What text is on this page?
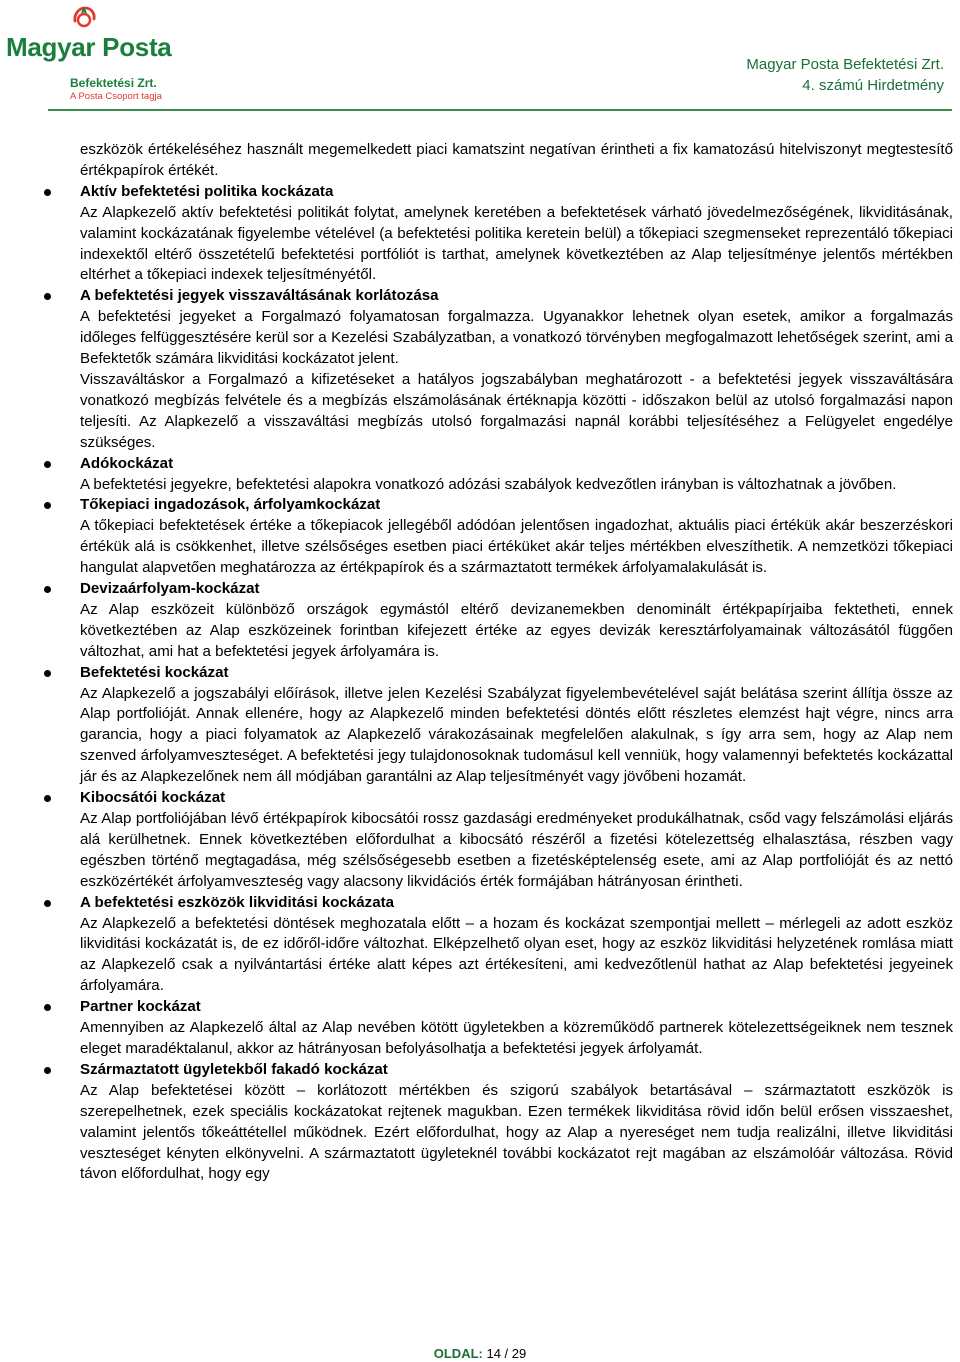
Magyar Posta
Befektetési Zrt.
A Posta Csoport tagja
Magyar Posta Befektetési Zrt.
4. számú Hirdetmény

eszközök értékeléséhez használt megemelkedett piaci kamatszint negatívan érintheti a fix kamatozású hitelviszonyt megtestesítő értékpapírok értékét.

Aktív befektetési politika kockázata

Az Alapkezelő aktív befektetési politikát folytat, amelynek keretében a befektetések várható jövedelmezőségének, likviditásának, valamint kockázatának figyelembe vételével (a befektetési politika keretein belül) a tőkepiaci szegmenseket reprezentáló tőkepiaci indexektől eltérő összetételű befektetési portfóliót is tarthat, amelynek következtében az Alap teljesítménye jelentős mértékben eltérhet a tőkepiaci indexek teljesítményétől.

A befektetési jegyek visszaváltásának korlátozása

A befektetési jegyeket a Forgalmazó folyamatosan forgalmazza. Ugyanakkor lehetnek olyan esetek, amikor a forgalmazás időleges felfüggesztésére kerül sor a Kezelési Szabályzatban, a vonatkozó törvényben megfogalmazott lehetőségek szerint, ami a Befektetők számára likviditási kockázatot jelent.

Visszaváltáskor a Forgalmazó a kifizetéseket a hatályos jogszabályban meghatározott - a befektetési jegyek visszaváltására vonatkozó megbízás felvétele és a megbízás elszámolásának értéknapja közötti - időszakon belül az utolsó forgalmazási napon teljesíti. Az Alapkezelő a visszaváltási megbízás utolsó forgalmazási napnál korábbi teljesítéséhez a Felügyelet engedélye szükséges.

Adókockázat

A befektetési jegyekre, befektetési alapokra vonatkozó adózási szabályok kedvezőtlen irányban is változhatnak a jövőben.

Tőkepiaci ingadozások, árfolyamkockázat

A tőkepiaci befektetések értéke a tőkepiacok jellegéből adódóan jelentősen ingadozhat, aktuális piaci értékük akár beszerzéskori értékük alá is csökkenhet, illetve szélsőséges esetben piaci értéküket akár teljes mértékben elveszíthetik. A nemzetközi tőkepiaci hangulat alapvetően meghatározza az értékpapírok és a származtatott termékek árfolyamalakulását is.

Devizaárfolyam-kockázat

Az Alap eszközeit különböző országok egymástól eltérő devizanemekben denominált értékpapírjaiba fektetheti, ennek következtében az Alap eszközeinek forintban kifejezett értéke az egyes devizák keresztárfolyamainak változásától függően változhat, ami hat a befektetési jegyek árfolyamára is.

Befektetési kockázat

Az Alapkezelő a jogszabályi előírások, illetve jelen Kezelési Szabályzat figyelembevételével saját belátása szerint állítja össze az Alap portfolióját. Annak ellenére, hogy az Alapkezelő minden befektetési döntés előtt részletes elemzést hajt végre, nincs arra garancia, hogy a piaci folyamatok az Alapkezelő várakozásainak megfelelően alakulnak, s így arra sem, hogy az Alap nem szenved árfolyamveszteséget. A befektetési jegy tulajdonosoknak tudomásul kell venniük, hogy valamennyi befektetés kockázattal jár és az Alapkezelőnek nem áll módjában garantálni az Alap teljesítményét vagy jövőbeni hozamát.

Kibocsátói kockázat

Az Alap portfoliójában lévő értékpapírok kibocsátói rossz gazdasági eredményeket produkálhatnak, csőd vagy felszámolási eljárás alá kerülhetnek. Ennek következtében előfordulhat a kibocsátó részéről a fizetési kötelezettség elhalasztása, részben vagy egészben történő megtagadása, még szélsőségesebb esetben a fizetésképtelenség esete, ami az Alap portfolióját és az nettó eszközértékét árfolyamveszteség vagy alacsony likvidációs érték formájában hátrányosan érintheti.

A befektetési eszközök likviditási kockázata

Az Alapkezelő a befektetési döntések meghozatala előtt – a hozam és kockázat szempontjai mellett – mérlegeli az adott eszköz likviditási kockázatát is, de ez időről-időre változhat. Elképzelhető olyan eset, hogy az eszköz likviditási helyzetének romlása miatt az Alapkezelő csak a nyilvántartási értéke alatt képes azt értékesíteni, ami kedvezőtlenül hathat az Alap befektetési jegyeinek árfolyamára.

Partner kockázat

Amennyiben az Alapkezelő által az Alap nevében kötött ügyletekben a közreműködő partnerek kötelezettségeiknek nem tesznek eleget maradéktalanul, akkor az hátrányosan befolyásolhatja a befektetési jegyek árfolyamát.

Származtatott ügyletekből fakadó kockázat

Az Alap befektetései között – korlátozott mértékben és szigorú szabályok betartásával – származtatott eszközök is szerepelhetnek, ezek speciális kockázatokat rejtenek magukban. Ezen termékek likviditása rövid időn belül erősen visszaeshet, valamint jelentős tőkeáttétellel működnek. Ezért előfordulhat, hogy az Alap a nyereséget nem tudja realizálni, illetve likviditási veszteséget kényten elkönyvelni. A származtatott ügyleteknél további kockázatot rejt magában az elszámolóár változása. Rövid távon előfordulhat, hogy egy

OLDAL: 14 / 29
